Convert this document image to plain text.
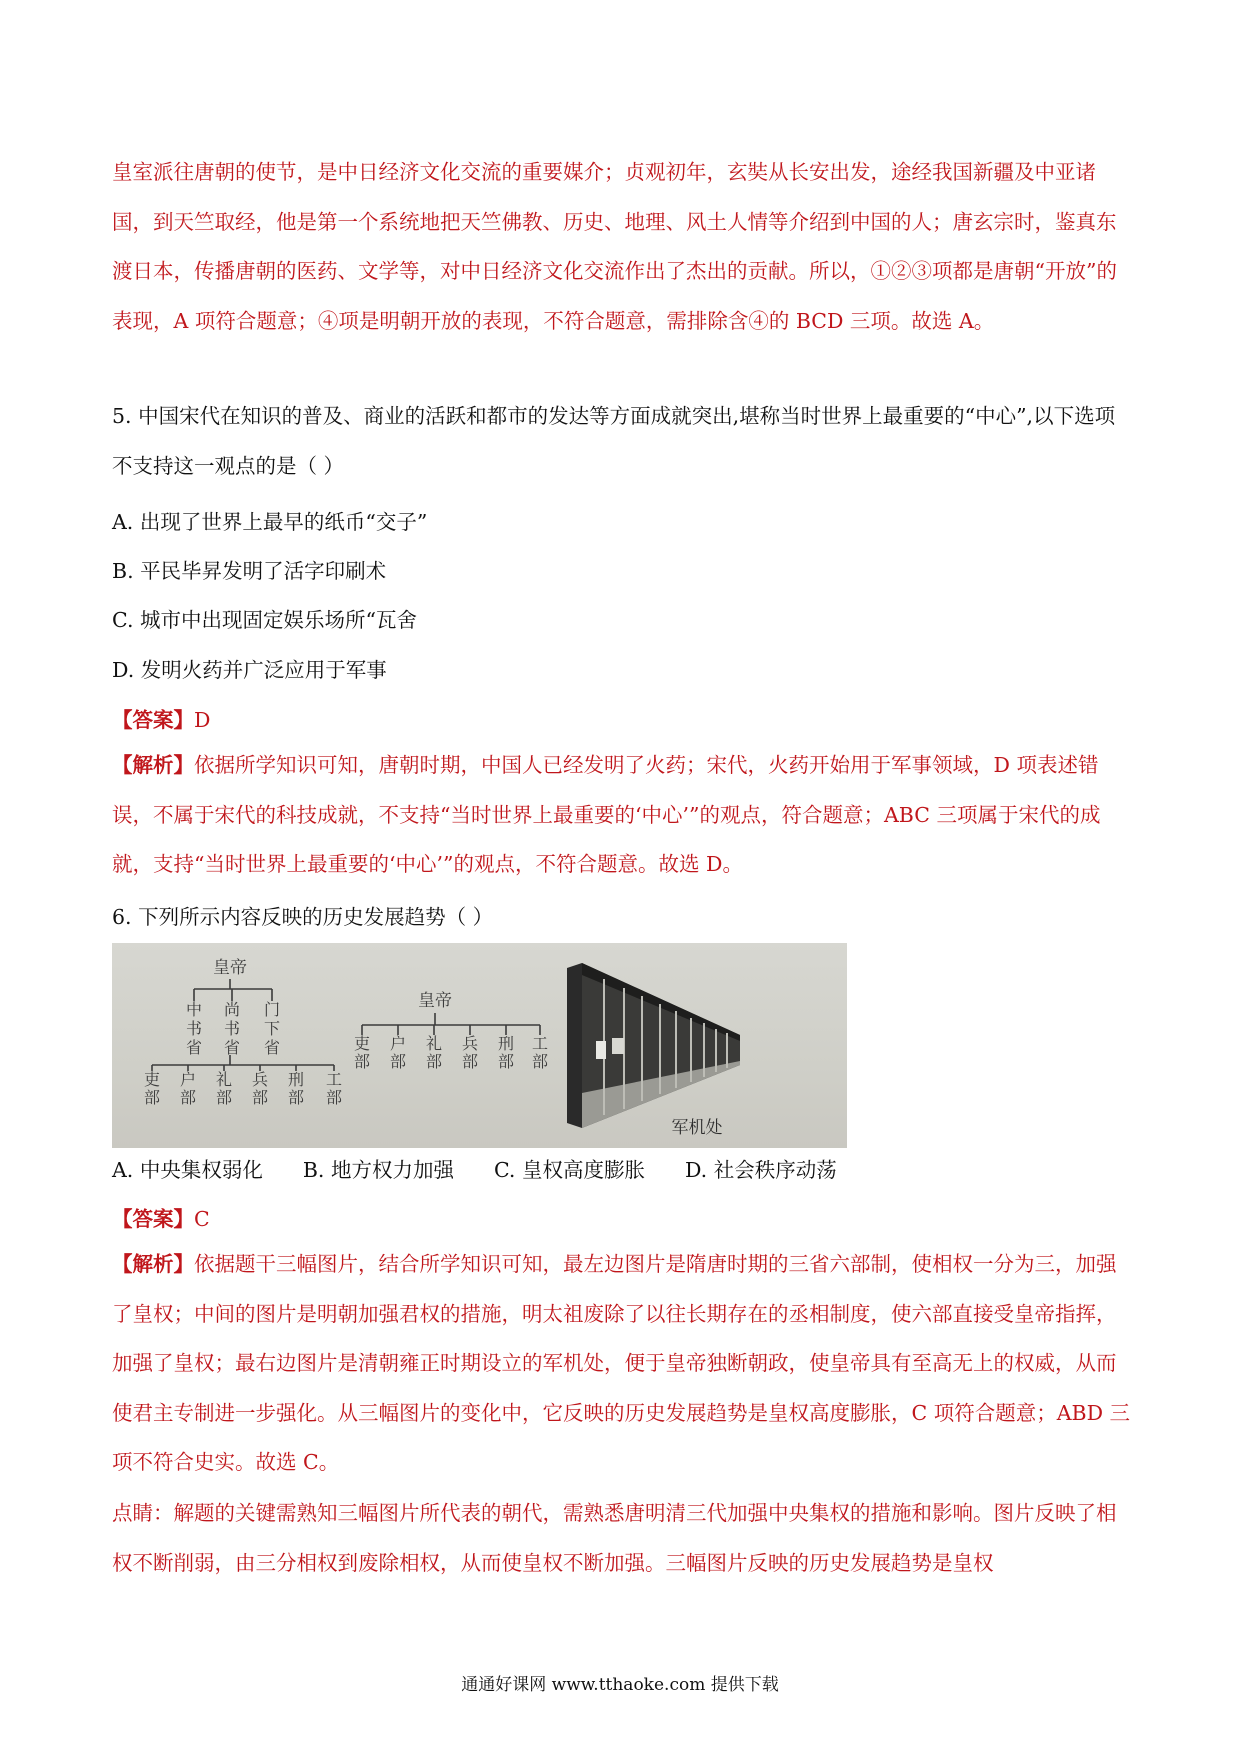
皇室派往唐朝的使节，是中日经济文化交流的重要媒介；贞观初年，玄奘从长安出发，途经我国新疆及中亚诸国，到天竺取经，他是第一个系统地把天竺佛教、历史、地理、风土人情等介绍到中国的人；唐玄宗时，鉴真东渡日本，传播唐朝的医药、文学等，对中日经济文化交流作出了杰出的贡献。所以，①②③项都是唐朝“开放”的表现，A 项符合题意；④项是明朝开放的表现，不符合题意，需排除含④的 BCD 三项。故选 A。

5. 中国宋代在知识的普及、商业的活跃和都市的发达等方面成就突出,堪称当时世界上最重要的“中心”,以下选项不支持这一观点的是（ ）

A. 出现了世界上最早的纸币“交子”
B. 平民毕昇发明了活字印刷术
C. 城市中出现固定娱乐场所“瓦舍
D. 发明火药并广泛应用于军事
【答案】D

【解析】依据所学知识可知，唐朝时期，中国人已经发明了火药；宋代，火药开始用于军事领域，D 项表述错误，不属于宋代的科技成就，不支持“当时世界上最重要的‘中心’”的观点，符合题意；ABC 三项属于宋代的成就，支持“当时世界上最重要的‘中心’”的观点，不符合题意。故选 D。

6. 下列所示内容反映的历史发展趋势（ ）
皇帝
中书省
尚书省
门下省
吏部
户部
礼部
兵部
刑部
工部
皇帝
吏部
户部
礼部
兵部
刑部
工部
军机处
A. 中央集权弱化 B. 地方权力加强 C. 皇权高度膨胀 D. 社会秩序动荡
【答案】C

【解析】依据题干三幅图片，结合所学知识可知，最左边图片是隋唐时期的三省六部制，使相权一分为三，加强了皇权；中间的图片是明朝加强君权的措施，明太祖废除了以往长期存在的丞相制度，使六部直接受皇帝指挥，加强了皇权；最右边图片是清朝雍正时期设立的军机处，便于皇帝独断朝政，使皇帝具有至高无上的权威，从而使君主专制进一步强化。从三幅图片的变化中，它反映的历史发展趋势是皇权高度膨胀，C 项符合题意；ABD 三项不符合史实。故选 C。

点睛：解题的关键需熟知三幅图片所代表的朝代，需熟悉唐明清三代加强中央集权的措施和影响。图片反映了相权不断削弱，由三分相权到废除相权，从而使皇权不断加强。三幅图片反映的历史发展趋势是皇权

通通好课网 www.tthaoke.com 提供下载
